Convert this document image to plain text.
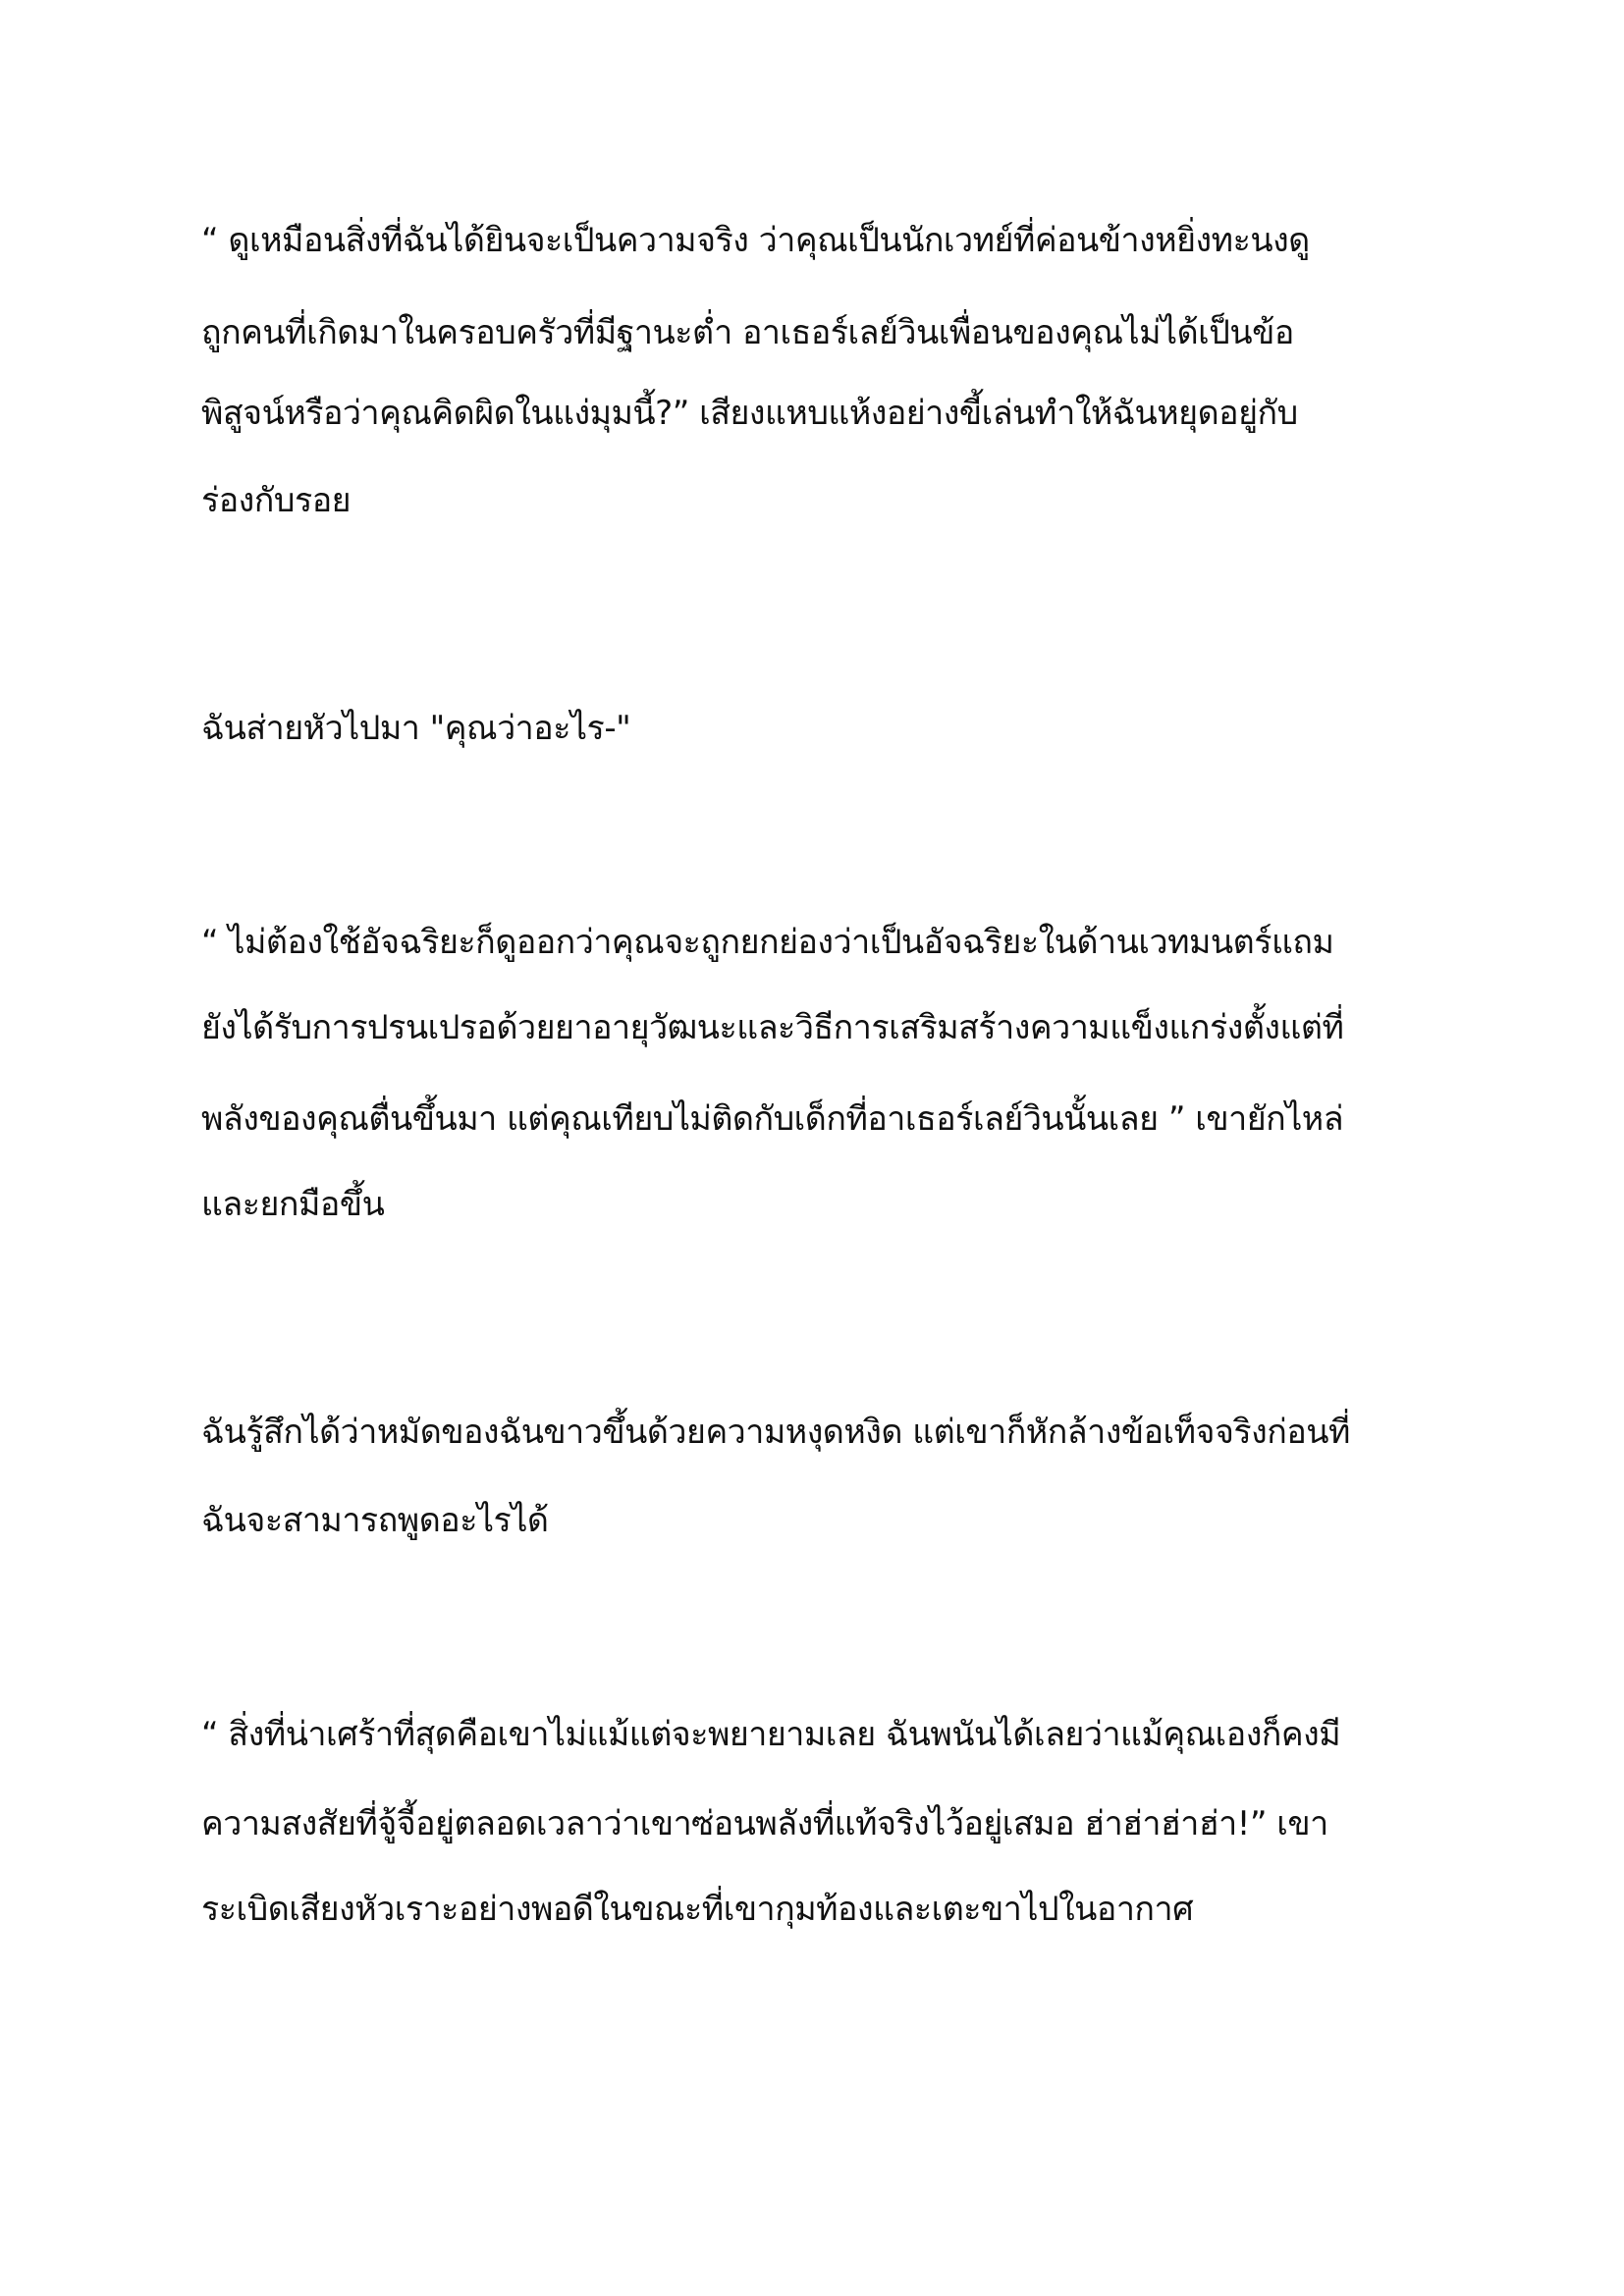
“ ดูเหมือนสิ่งที่ฉันได้ยินจะเป็นความจริง ว่าคุณเป็นนักเวทย์ที่ค่อนข้างหยิ่งทะนงดู
ถูกคนที่เกิดมาในครอบครัวที่มีฐานะต่ำ อาเธอร์เลย์วินเพื่อนของคุณไม่ได้เป็นข้อ
พิสูจน์หรือว่าคุณคิดผิดในแง่มุมนี้?” เสียงแหบแห้งอย่างขี้เล่นทำให้ฉันหยุดอยู่กับ
ร่องกับรอย
ฉันส่ายหัวไปมา "คุณว่าอะไร-"
“ ไม่ต้องใช้อัจฉริยะก็ดูออกว่าคุณจะถูกยกย่องว่าเป็นอัจฉริยะในด้านเวทมนตร์แถม
ยังได้รับการปรนเปรอด้วยยาอายุวัฒนะและวิธีการเสริมสร้างความแข็งแกร่งตั้งแต่ที่
พลังของคุณตื่นขึ้นมา แต่คุณเทียบไม่ติดกับเด็กที่อาเธอร์เลย์วินนั้นเลย ” เขายักไหล่
และยกมือขึ้น
ฉันรู้สึกได้ว่าหมัดของฉันขาวขึ้นด้วยความหงุดหงิด แต่เขาก็หักล้างข้อเท็จจริงก่อนที่
ฉันจะสามารถพูดอะไรได้
“ สิ่งที่น่าเศร้าที่สุดคือเขาไม่แม้แต่จะพยายามเลย ฉันพนันได้เลยว่าแม้คุณเองก็คงมี
ความสงสัยที่จู้จี้อยู่ตลอดเวลาว่าเขาซ่อนพลังที่แท้จริงไว้อยู่เสมอ ฮ่าฮ่าฮ่าฮ่า!” เขา
ระเบิดเสียงหัวเราะอย่างพอดีในขณะที่เขากุมท้องและเตะขาไปในอากาศ
